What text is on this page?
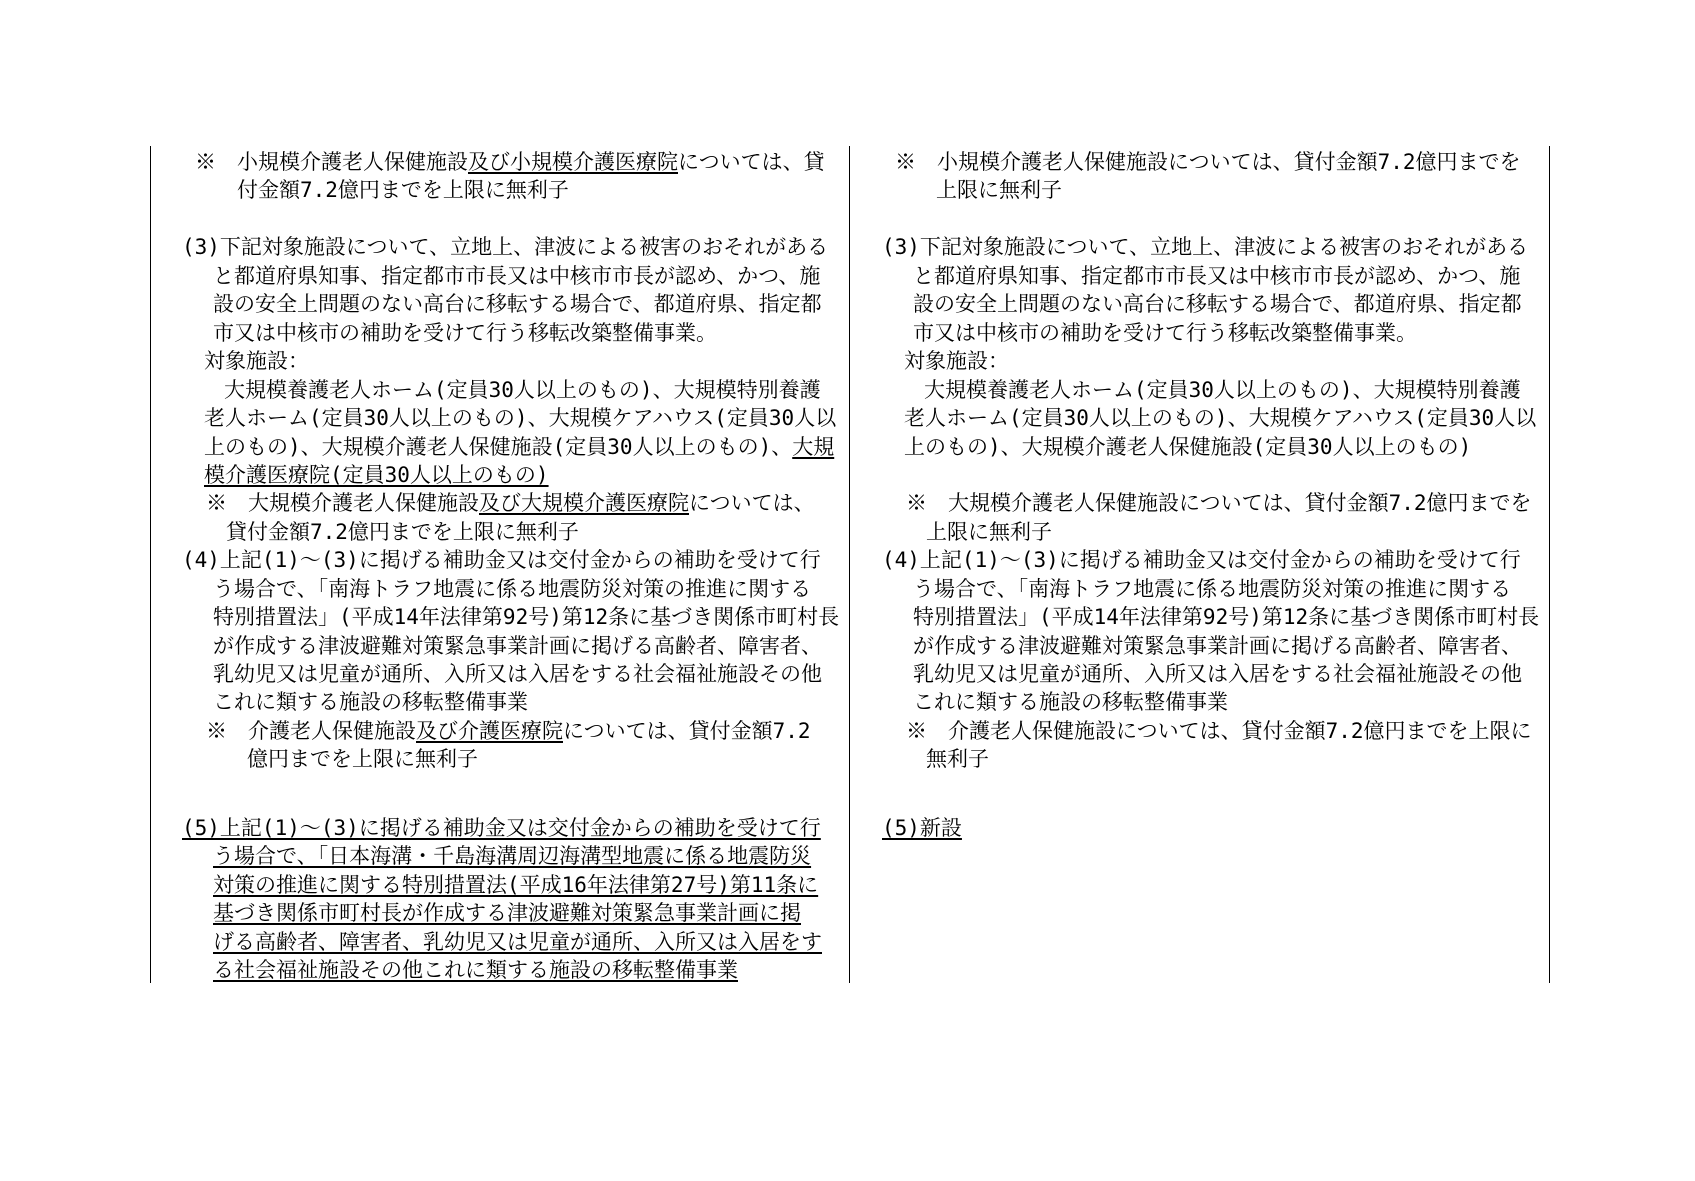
※　小規模介護老人保健施設及び小規模介護医療院については、貸
付金額7.2億円までを上限に無利子
(3)下記対象施設について、立地上、津波による被害のおそれがある
と都道府県知事、指定都市市長又は中核市市長が認め、かつ、施
設の安全上問題のない高台に移転する場合で、都道府県、指定都
市又は中核市の補助を受けて行う移転改築整備事業。
対象施設：
大規模養護老人ホーム(定員30人以上のもの)、大規模特別養護
老人ホーム(定員30人以上のもの)、大規模ケアハウス(定員30人以
上のもの)、大規模介護老人保健施設(定員30人以上のもの)、大規
模介護医療院(定員30人以上のもの)
※　大規模介護老人保健施設及び大規模介護医療院については、
貸付金額7.2億円までを上限に無利子
(4)上記(1)～(3)に掲げる補助金又は交付金からの補助を受けて行
う場合で、「南海トラフ地震に係る地震防災対策の推進に関する
特別措置法」(平成14年法律第92号)第12条に基づき関係市町村長
が作成する津波避難対策緊急事業計画に掲げる高齢者、障害者、
乳幼児又は児童が通所、入所又は入居をする社会福祉施設その他
これに類する施設の移転整備事業
※　介護老人保健施設及び介護医療院については、貸付金額7.2
億円までを上限に無利子
(5)上記(1)～(3)に掲げる補助金又は交付金からの補助を受けて行
う場合で、「日本海溝・千島海溝周辺海溝型地震に係る地震防災
対策の推進に関する特別措置法(平成16年法律第27号)第11条に
基づき関係市町村長が作成する津波避難対策緊急事業計画に掲
げる高齢者、障害者、乳幼児又は児童が通所、入所又は入居をす
る社会福祉施設その他これに類する施設の移転整備事業
※　小規模介護老人保健施設については、貸付金額7.2億円までを
上限に無利子
(3)下記対象施設について、立地上、津波による被害のおそれがある
と都道府県知事、指定都市市長又は中核市市長が認め、かつ、施
設の安全上問題のない高台に移転する場合で、都道府県、指定都
市又は中核市の補助を受けて行う移転改築整備事業。
対象施設：
大規模養護老人ホーム(定員30人以上のもの)、大規模特別養護
老人ホーム(定員30人以上のもの)、大規模ケアハウス(定員30人以
上のもの)、大規模介護老人保健施設(定員30人以上のもの)
※　大規模介護老人保健施設については、貸付金額7.2億円までを
上限に無利子
(4)上記(1)～(3)に掲げる補助金又は交付金からの補助を受けて行
う場合で、「南海トラフ地震に係る地震防災対策の推進に関する
特別措置法」(平成14年法律第92号)第12条に基づき関係市町村長
が作成する津波避難対策緊急事業計画に掲げる高齢者、障害者、
乳幼児又は児童が通所、入所又は入居をする社会福祉施設その他
これに類する施設の移転整備事業
※　介護老人保健施設については、貸付金額7.2億円までを上限に
無利子
(5)新設
